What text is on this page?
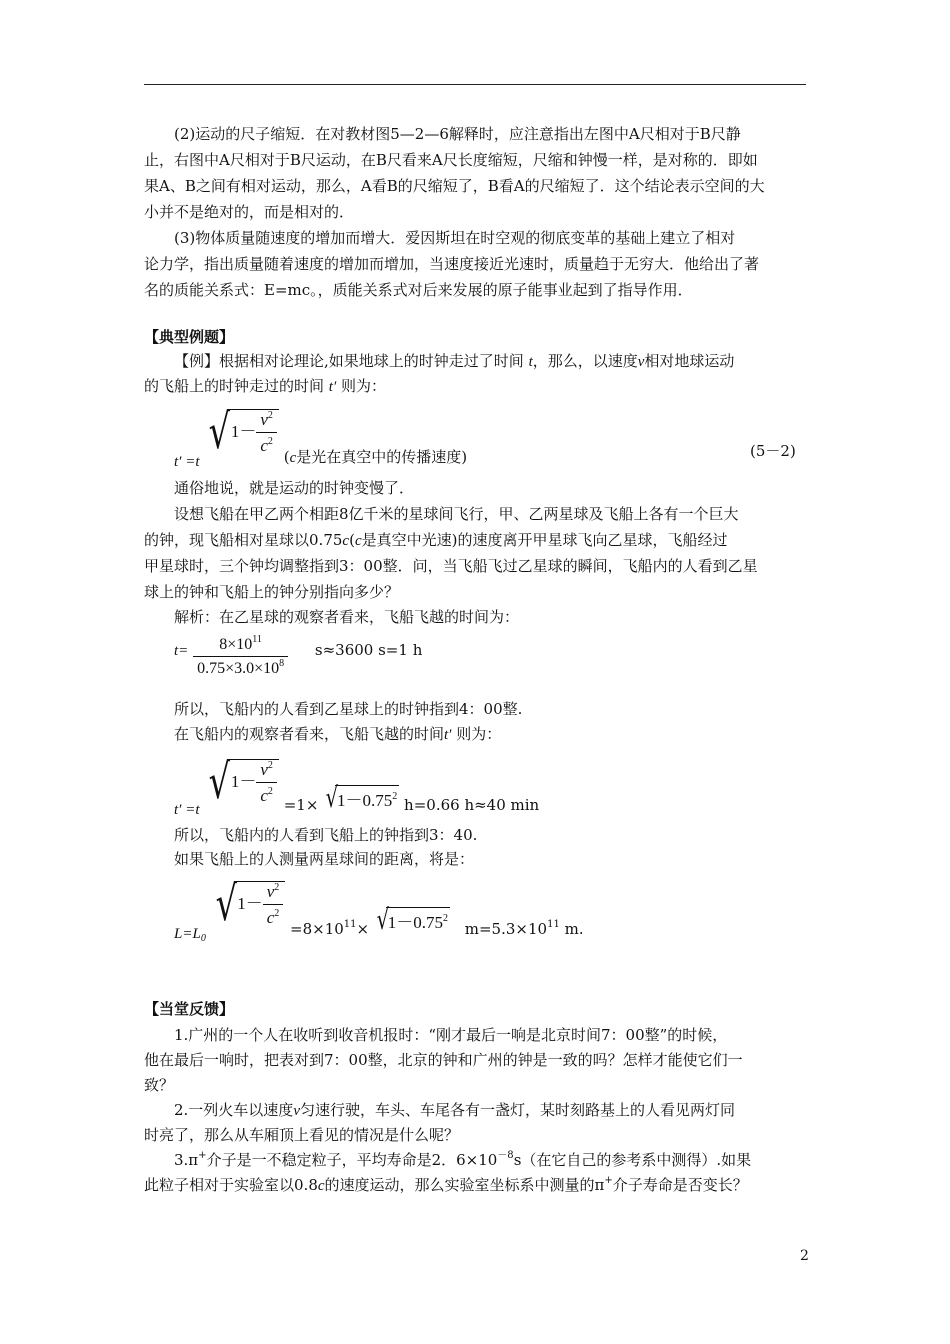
(2)运动的尺子缩短．在对教材图5—2—6解释时，应注意指出左图中A尺相对于B尺静
止，右图中A尺相对于B尺运动，在B尺看来A尺长度缩短，尺缩和钟慢一样，是对称的．即如
果A、B之间有相对运动，那么，A看B的尺缩短了，B看A的尺缩短了．这个结论表示空间的大
小并不是绝对的，而是相对的．
(3)物体质量随速度的增加而增大．爱因斯坦在时空观的彻底变革的基础上建立了相对
论力学，指出质量随着速度的增加而增加，当速度接近光速时，质量趋于无穷大．他给出了著
名的质能关系式：E=mc。，质能关系式对后来发展的原子能事业起到了指导作用．
【典型例题】
【例】根据相对论理论,如果地球上的时钟走过了时间 t，那么，以速度v相对地球运动
的飞船上的时钟走过的时间 t′ 则为：
t′ =t $√1- \frac{v^2}{c^2}$
(c是光在真空中的传播速度)	(5－2)
通俗地说，就是运动的时钟变慢了．
设想飞船在甲乙两个相距8亿千米的星球间飞行，甲、乙两星球及飞船上各有一个巨大
的钟，现飞船相对星球以0.75c(c是真空中光速)的速度离开甲星球飞向乙星球，飞船经过
甲星球时，三个钟均调整指到3：00整．问，当飞船飞过乙星球的瞬间，飞船内的人看到乙星
球上的钟和飞船上的钟分别指向多少？
解析：在乙星球的观察者看来，飞船飞越的时间为：
$t= \frac{8\times 10^{11}}{0.75\times 3.0\times 10^8} s\approx 3600$ s=1 h
所以，飞船内的人看到乙星球上的时钟指到4：00整.
在飞船内的观察者看来，飞船飞越的时间t′ 则为：
t′ =t $√1- \frac{v^2}{c^2} =1\times √1-0.75^2$ h=0.66 h≈40 min
所以，飞船内的人看到飞船上的钟指到3：40.
如果飞船上的人测量两星球间的距离，将是：
$L=L_0$ $√1- \frac{v^2}{c^2}$
$=8\times 10^{11}\times √1-0.75^2$ $m=5.3\times 10^{11}$ m.
【当堂反馈】
1.广州的一个人在收听到收音机报时：“刚才最后一响是北京时间7：00整”的时候，
他在最后一响时，把表对到7：00整，北京的钟和广州的钟是一致的吗？怎样才能使它们一
致？
2.一列火车以速度v匀速行驶，车头、车尾各有一盏灯，某时刻路基上的人看见两灯同
时亮了，那么从车厢顶上看见的情况是什么呢？
3.π+介子是一不稳定粒子，平均寿命是2．$6\times 10^{-8}s$（在它自己的参考系中测得）.如果
此粒子相对于实验室以0.8c的速度运动，那么实验室坐标系中测量的π+介子寿命是否变长？
2
